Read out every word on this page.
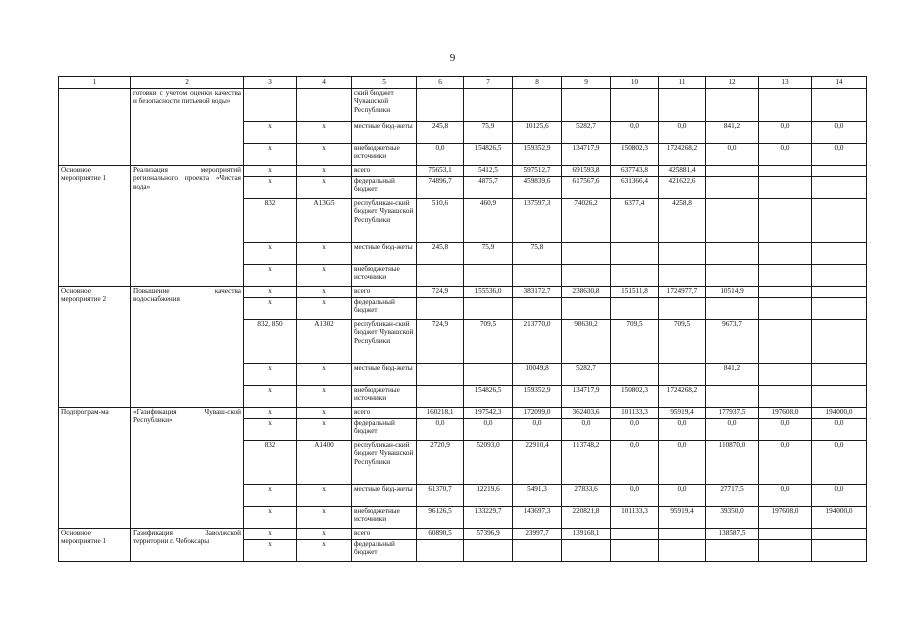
9
1	2	3	4	5	6	7	8	9	10	11	12	13	14
	готовки с учетом оценки качества и безопасности питьевой воды»			ский бюджет Чувашской Республики									
		x	x	местные бюд-жеты	245,8	75,9	10125,6	5282,7	0,0	0,0	841,2	0,0	0,0
		x	x	внебюджетные источники	0,0	154826,5	159352,9	134717,9	150802,3	1724268,2	0,0	0,0	0,0
Основное мероприятие 1	Реализация мероприятий регионального проекта «Чистая вода»	x	x	всего	75653,1	5412,5	597512,7	691593,8	637743,8	425881,4			
		x	x	федеральный бюджет	74896,7	4875,7	459839,6	617567,6	631366,4	421622,6			
		832	A13G5	республикан-ский бюджет Чувашской Республики	510,6	460,9	137597,3	74026,2	6377,4	4258,8			
		x	x	местные бюд-жеты	245,8	75,9	75,8						
		x	x	внебюджетные источники									
Основное мероприятие 2	Повышение качества водоснабжения	x	x	всего	724,9	155536,0	383172,7	238630,8	151511,8	1724977,7	10514,9		
		x	x	федеральный бюджет									
		832, 850	A1302	республикан-ский бюджет Чувашской Республики	724,9	709,5	213770,0	98630,2	709,5	709,5	9673,7		
		x	x	местные бюд-жеты			10049,8	5282,7			841,2		
		x	x	внебюджетные источники		154826,5	159352,9	134717,9	150802,3	1724268,2			
Подпрограм-ма	«Газификация Чуваш-ской Республики»	x	x	всего	160218,1	197542,3	172099,0	362403,6	101133,3	95919,4	177937,5	197608,0	194000,0
		x	x	федеральный бюджет	0,0	0,0	0,0	0,0	0,0	0,0	0,0	0,0	0,0
		832	A1400	республикан-ский бюджет Чувашской Республики	2720,9	52093,0	22910,4	113748,2	0,0	0,0	110870,0	0,0	0,0
		x	x	местные бюд-жеты	61370,7	12219,6	5491,3	27833,6	0,0	0,0	27717,5	0,0	0,0
		x	x	внебюджетные источники	96126,5	133229,7	143697,3	220821,8	101133,3	95919,4	39350,0	197608,0	194000,0
Основное мероприятие 1	Газификация Заволжской территории г. Чебоксары	x	x	всего	60890,5	57396,9	23997,7	139168,1			138587,5		
		x	x	федеральный бюджет									
